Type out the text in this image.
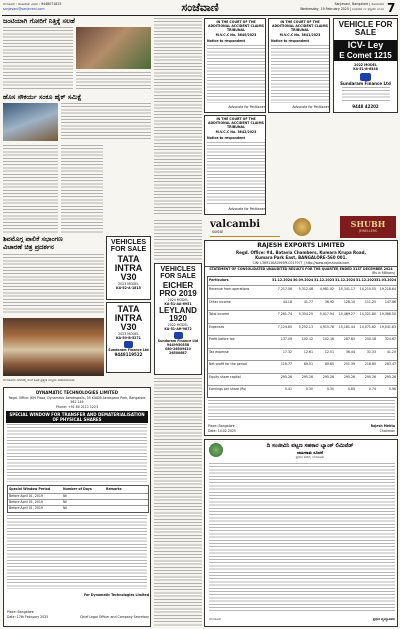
ಬೆಂಗಳೂರು : ಜಾಹೀರಾತು ವಿಭಾಗ : 9448071825
sanjevani@sanjevani.com	ಸಂಜೆವಾಣಿ	Sanjevani, Bangalore | ಸೋಮವಾರ
Wednesday, 19 February 2025 | ಬುಧವಾರ ೧೯ ಫೆಬ್ರವರಿ ೨೦೨೫ 7
ಜಂಟಿಯಾಗಿ ಗೋರಿಗೆ ನಿತ್ತಿಕ್ಕೆ ಸಲಹೆ
ಹೊಸ ಸೌಕರ್ಯ ಸಂಕೂ ಹೈಕ್ ಸಮಿಕ್ಷೆ
VEHICLES FOR SALE
TATA
INTRA
V30
2023 MODEL
KA-52-A-1815
TATA
INTRA
V30
2023 MODEL
KA-50-B-5271
Sundaram Finance Ltd
9448119522
ಶಿವಮೊಗ್ಗ ಪಾಲಿಕೆ ಸಭಾಂಗಣ
ವಿಚಾರಣೆ ಚಿತ್ರ ಪ್ರದರ್ಶನ
ಬೆಂಗಳೂರಿನ ನಗರದಲ್ಲಿ ಸಂಜೆ ಕೂಟೆ ಪ್ರತ್ಯೇಕ ಸಂಭ್ರಮ ಆಚರಿಸಲಾಯಿತು
DYNAMATIC TECHNOLOGIES LIMITED
Regd. Office: JKM Plaza, Dynamatic Aerotropolis, 55 KIADB Aerospace Park, Bangalore 562 149
Phone: +91 80 2111 1223
SPECIAL WINDOW FOR TRANSFER AND DEMATERIALISATION OF PHYSICAL SHARES
Special Window Period	Number of Days	Remarks
Before April 01, 2019	Nil
Before April 01, 2019	Nil
Before April 01, 2019	Nil
For Dynamatic Technologies Limited
Place: Bangalore
Date: 17th February 2025	Chief Legal Officer and Company Secretary
VEHICLES FOR SALE
EICHER
PRO 2019
2024 MODEL
KA-51-AA-6951
LEYLAND
1920
2022 MODEL
KA-51-AH-9872
Sundaram Finance Ltd
9449950558
080-26509410
26500687
IN THE COURT OF THE ADDITIONAL ACCIDENT CLAIMS TRIBUNAL
M.V.C.C No. 3640/2023
Notice to respondent
Advocate for Petitioner
IN THE COURT OF THE ADDITIONAL ACCIDENT CLAIMS TRIBUNAL
M.V.C.C No. 3641/2023
Notice to respondent
Advocate for Petitioner
VEHICLE FOR SALE
ICV- Ley
E Comet 1215
2022 MODEL
KA-51-B-6546
Sundaram Finance Ltd
9448 42202
IN THE COURT OF THE ADDITIONAL ACCIDENT CLAIMS TRIBUNAL
M.V.C.C No. 3642/2023
Notice to respondent
Advocate for Petitioner
valcambi
SUISSE
SHUBH
JEWELLERS
RAJESH EXPORTS LIMITED
Regd. Office: #4, Batavia Chambers, Kumara Krupa Road,
Kumara Park East, BANGALORE-560 001.
CIN: L36911KA1995PLC017077 | http://www.rajeshindia.com
STATEMENT OF CONSOLIDATED UNAUDITED RESULTS FOR THE QUARTER ENDED 31ST DECEMBER 2024
(Rs in Millions)
Particulars	31.12.2024 30.09.2024 31.12.2023 31.12.2024 31.12.2023 31.03.2024
Revenue from operations	7,217.56	5,312.48	4,981.02	15,341.17	14,210.55	19,218.64
Other income	44.18	41.77	36.92	128.10	111.25	147.86
Total income	7,261.74	5,354.25	5,017.94	15,469.27	14,321.80	19,366.50
Expenses	7,124.65	5,252.13	4,915.78	15,181.44	14,071.62	19,041.83
Profit before tax	137.09	102.12	102.16	287.83	250.18	324.67
Tax expense	17.32	12.61	12.51	36.44	31.33	41.20
Net profit for the period	119.77	89.51	89.65	251.39	218.85	283.47
Equity share capital	295.26	295.26	295.26	295.26	295.26	295.26
Earnings per share (Rs)	0.41	0.30	0.30	0.85	0.74	0.96
Place: Bangalore
Date: 14.02.2025
Rajesh Mehta
Chairman
ದಿ ಸಂಜೀವಿನಿ ಪಟ್ಟಣ ಸಹಕಾರ ಬ್ಯಾಂಕ್ ಲಿಮಿಟೆಡ್
ಜಾಹೀರಾತು ಸೂಚನೆ
ಪ್ರಧಾನ ಕಚೇರಿ, ಬೆಂಗಳೂರು
ಬೆಂಗಳೂರು	ಪ್ರಧಾನ ವ್ಯವಸ್ಥಾಪಕರು
